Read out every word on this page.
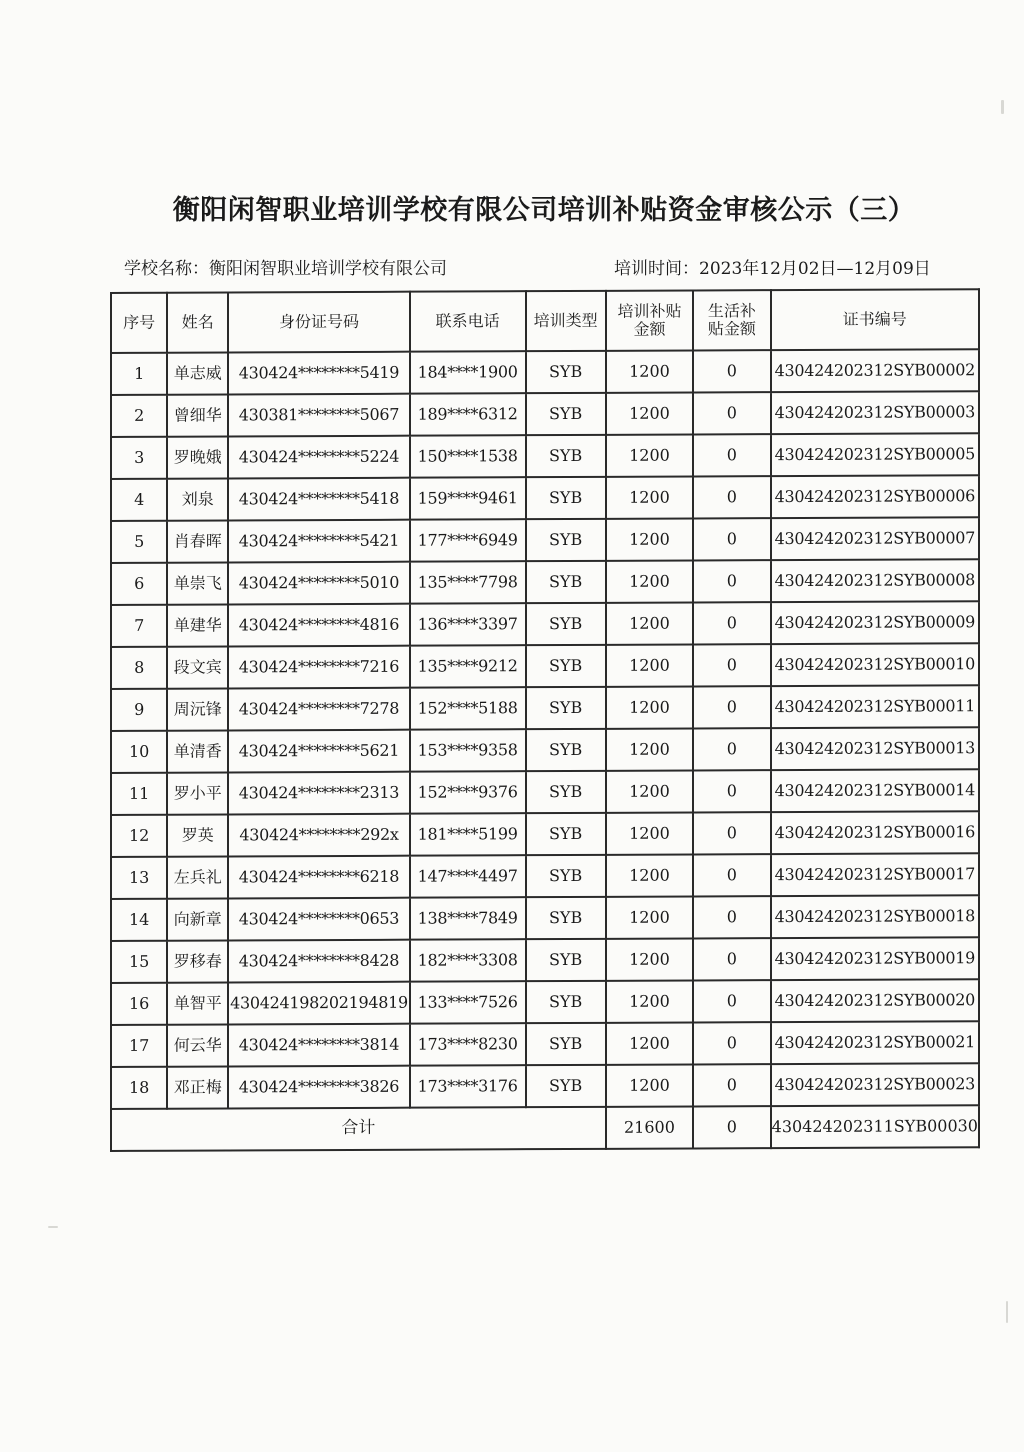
衡阳闲智职业培训学校有限公司培训补贴资金审核公示（三）
学校名称：衡阳闲智职业培训学校有限公司	培训时间：2023年12月02日—12月09日
序号	姓名	身份证号码	联系电话	培训类型	培训补贴金额	生活补贴金额	证书编号
1	单志威	430424********5419	184****1900	SYB	1200	0	430424202312SYB00002
2	曾细华	430381********5067	189****6312	SYB	1200	0	430424202312SYB00003
3	罗晚娥	430424********5224	150****1538	SYB	1200	0	430424202312SYB00005
4	刘泉	430424********5418	159****9461	SYB	1200	0	430424202312SYB00006
5	肖春晖	430424********5421	177****6949	SYB	1200	0	430424202312SYB00007
6	单崇飞	430424********5010	135****7798	SYB	1200	0	430424202312SYB00008
7	单建华	430424********4816	136****3397	SYB	1200	0	430424202312SYB00009
8	段文宾	430424********7216	135****9212	SYB	1200	0	430424202312SYB00010
9	周沅锋	430424********7278	152****5188	SYB	1200	0	430424202312SYB00011
10	单清香	430424********5621	153****9358	SYB	1200	0	430424202312SYB00013
11	罗小平	430424********2313	152****9376	SYB	1200	0	430424202312SYB00014
12	罗英	430424********292x	181****5199	SYB	1200	0	430424202312SYB00016
13	左兵礼	430424********6218	147****4497	SYB	1200	0	430424202312SYB00017
14	向新章	430424********0653	138****7849	SYB	1200	0	430424202312SYB00018
15	罗移春	430424********8428	182****3308	SYB	1200	0	430424202312SYB00019
16	单智平	430424198202194819	133****7526	SYB	1200	0	430424202312SYB00020
17	何云华	430424********3814	173****8230	SYB	1200	0	430424202312SYB00021
18	邓正梅	430424********3826	173****3176	SYB	1200	0	430424202312SYB00023
合计					21600	0	430424202311SYB00030
